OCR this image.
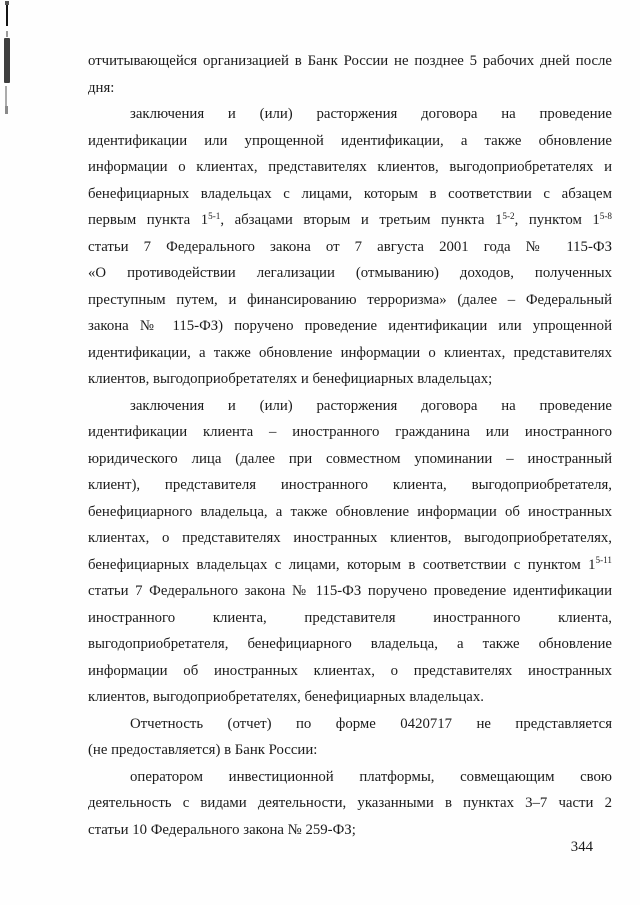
отчитывающейся организацией в Банк России не позднее 5 рабочих дней после
дня:
заключения и (или) расторжения договора на проведение
идентификации или упрощенной идентификации, а также обновление
информации о клиентах, представителях клиентов, выгодоприобретателях и
бенефициарных владельцах с лицами, которым в соответствии с абзацем
первым пункта 1$^{5-1}$, абзацами вторым и третьим пункта 1$^{5-2}$, пунктом 1$^{5-8}$
статьи 7 Федерального закона от 7 августа 2001 года № 115-ФЗ
«О противодействии легализации (отмыванию) доходов, полученных
преступным путем, и финансированию терроризма» (далее – Федеральный
закона № 115-ФЗ) поручено проведение идентификации или упрощенной
идентификации, а также обновление информации о клиентах, представителях
клиентов, выгодоприобретателях и бенефициарных владельцах;
заключения и (или) расторжения договора на проведение
идентификации клиента – иностранного гражданина или иностранного
юридического лица (далее при совместном упоминании – иностранный
клиент), представителя иностранного клиента, выгодоприобретателя,
бенефициарного владельца, а также обновление информации об иностранных
клиентах, о представителях иностранных клиентов, выгодоприобретателях,
бенефициарных владельцах с лицами, которым в соответствии с пунктом 1$^{5-11}$
статьи 7 Федерального закона № 115-ФЗ поручено проведение идентификации
иностранного клиента, представителя иностранного клиента,
выгодоприобретателя, бенефициарного владельца, а также обновление
информации об иностранных клиентах, о представителях иностранных
клиентов, выгодоприобретателях, бенефициарных владельцах.
Отчетность (отчет) по форме 0420717 не представляется
(не предоставляется) в Банк России:
оператором инвестиционной платформы, совмещающим свою
деятельность с видами деятельности, указанными в пунктах 3–7 части 2
статьи 10 Федерального закона № 259-ФЗ;
344
